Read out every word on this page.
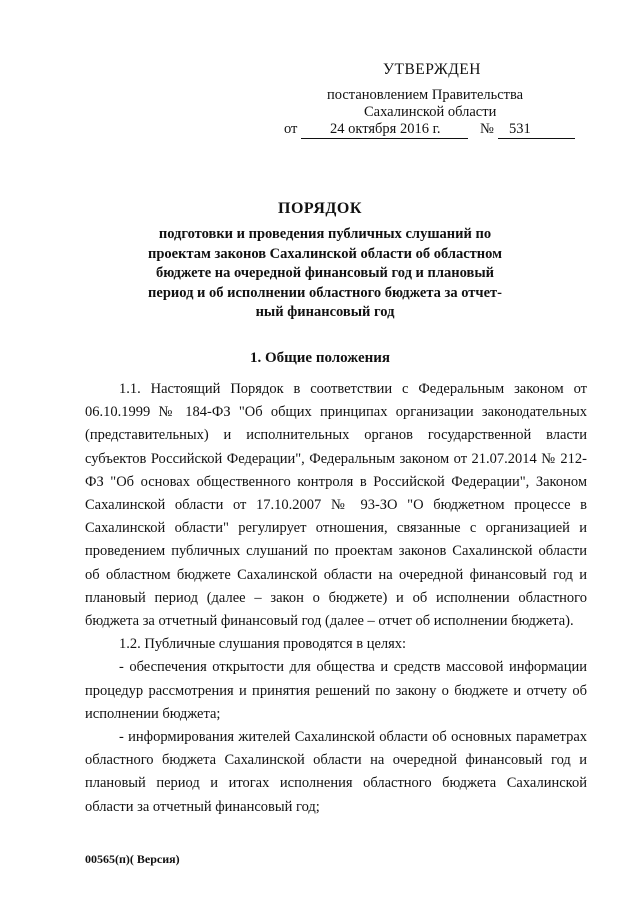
УТВЕРЖДЕН
постановлением Правительства
Сахалинской области
от 24 октября 2016 г.	№ 531
ПОРЯДОК
подготовки и проведения публичных слушаний по
проектам законов Сахалинской области об областном
бюджете на очередной финансовый год и плановый
период и об исполнении областного бюджета за отчет-
ный финансовый год
1. Общие положения

1.1. Настоящий Порядок в соответствии с Федеральным законом от 06.10.1999 № 184-ФЗ "Об общих принципах организации законодательных (представительных) и исполнительных органов государственной власти субъектов Российской Федерации", Федеральным законом от 21.07.2014 № 212-ФЗ "Об основах общественного контроля в Российской Федерации", Законом Сахалинской области от 17.10.2007 № 93-ЗО "О бюджетном процессе в Сахалинской области" регулирует отношения, связанные с организацией и проведением публичных слушаний по проектам законов Сахалинской области об областном бюджете Сахалинской области на очередной финансовый год и плановый период (далее – закон о бюджете) и об исполнении областного бюджета за отчетный финансовый год (далее – отчет об исполнении бюджета).

1.2. Публичные слушания проводятся в целях:

- обеспечения открытости для общества и средств массовой информации процедур рассмотрения и принятия решений по закону о бюджете и отчету об исполнении бюджета;

- информирования жителей Сахалинской области об основных параметрах областного бюджета Сахалинской области на очередной финансовый год и плановый период и итогах исполнения областного бюджета Сахалинской области за отчетный финансовый год;

00565(п)( Версия)
